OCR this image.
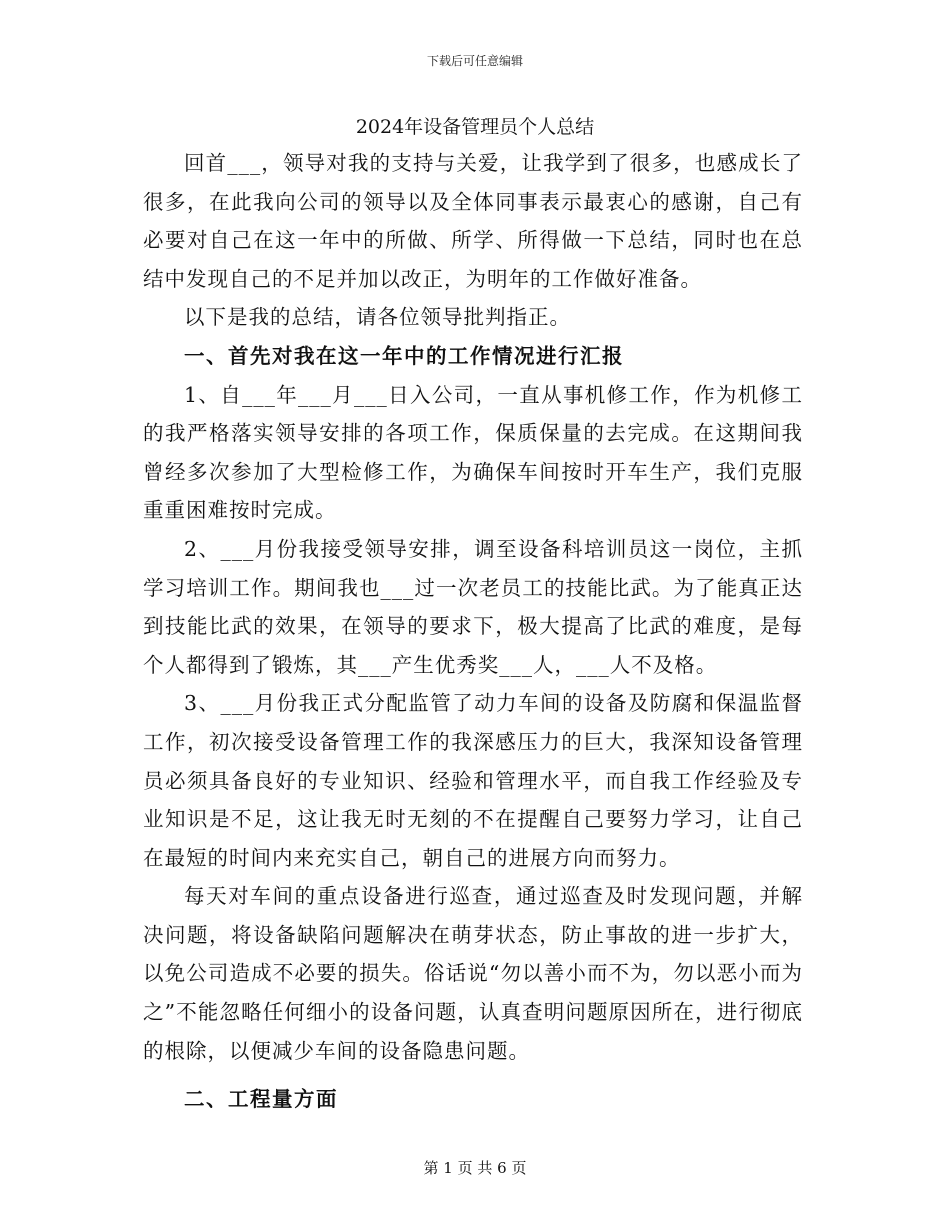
下载后可任意编辑
2024年设备管理员个人总结

回首___，领导对我的支持与关爱，让我学到了很多，也感成长了很多，在此我向公司的领导以及全体同事表示最衷心的感谢，自己有必要对自己在这一年中的所做、所学、所得做一下总结，同时也在总结中发现自己的不足并加以改正，为明年的工作做好准备。

以下是我的总结，请各位领导批判指正。

一、首先对我在这一年中的工作情况进行汇报

1、自___年___月___日入公司，一直从事机修工作，作为机修工的我严格落实领导安排的各项工作，保质保量的去完成。在这期间我曾经多次参加了大型检修工作，为确保车间按时开车生产，我们克服重重困难按时完成。

2、___月份我接受领导安排，调至设备科培训员这一岗位，主抓学习培训工作。期间我也___过一次老员工的技能比武。为了能真正达到技能比武的效果，在领导的要求下，极大提高了比武的难度，是每个人都得到了锻炼，其___产生优秀奖___人，___人不及格。

3、___月份我正式分配监管了动力车间的设备及防腐和保温监督工作，初次接受设备管理工作的我深感压力的巨大，我深知设备管理员必须具备良好的专业知识、经验和管理水平，而自我工作经验及专业知识是不足，这让我无时无刻的不在提醒自己要努力学习，让自己在最短的时间内来充实自己，朝自己的进展方向而努力。

每天对车间的重点设备进行巡查，通过巡查及时发现问题，并解决问题，将设备缺陷问题解决在萌芽状态，防止事故的进一步扩大，以免公司造成不必要的损失。俗话说“勿以善小而不为，勿以恶小而为之”不能忽略任何细小的设备问题，认真查明问题原因所在，进行彻底的根除，以便减少车间的设备隐患问题。

二、工程量方面

第 1 页 共 6 页
